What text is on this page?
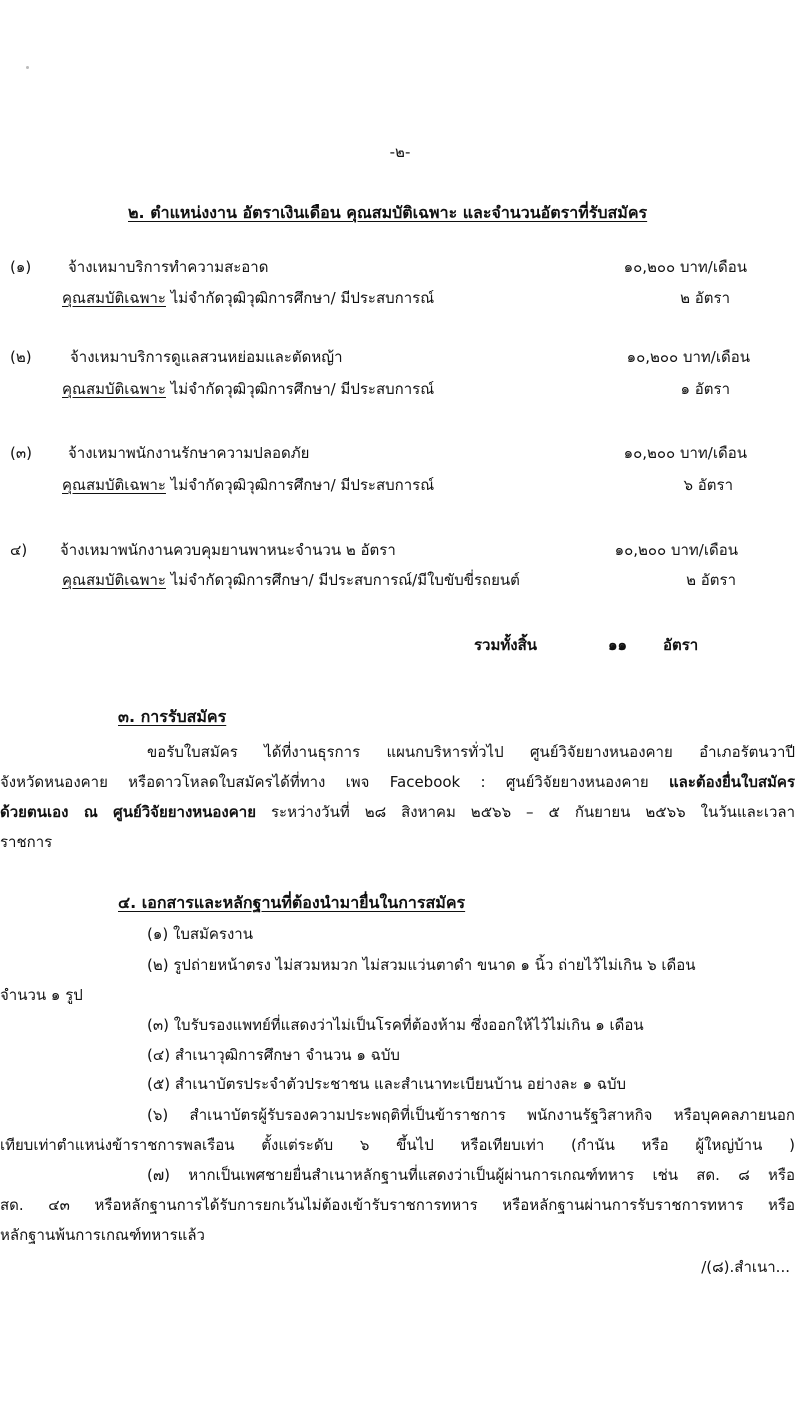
-๒-
๒. ตำแหน่งงาน อัตราเงินเดือน คุณสมบัติเฉพาะ และจำนวนอัตราที่รับสมัคร
(๑) จ้างเหมาบริการทำความสะอาด	๑๐,๒๐๐ บาท/เดือน
คุณสมบัติเฉพาะ ไม่จำกัดวุฒิวุฒิการศึกษา/ มีประสบการณ์	๒ อัตรา
(๒)	จ้างเหมาบริการดูแลสวนหย่อมและตัดหญ้า	๑๐,๒๐๐ บาท/เดือน
คุณสมบัติเฉพาะ ไม่จำกัดวุฒิวุฒิการศึกษา/ มีประสบการณ์	๑ อัตรา
(๓) จ้างเหมาพนักงานรักษาความปลอดภัย	๑๐,๒๐๐ บาท/เดือน
คุณสมบัติเฉพาะ ไม่จำกัดวุฒิวุฒิการศึกษา/ มีประสบการณ์	๖ อัตรา
๔) จ้างเหมาพนักงานควบคุมยานพาหนะจำนวน ๒ อัตรา	๑๐,๒๐๐ บาท/เดือน
คุณสมบัติเฉพาะ ไม่จำกัดวุฒิการศึกษา/ มีประสบการณ์/มีใบขับขี่รถยนต์	๒ อัตรา
รวมทั้งสิ้น	๑๑ อัตรา
๓. การรับสมัคร
ขอรับใบสมัคร ได้ที่งานธุรการ แผนกบริหารทั่วไป ศูนย์วิจัยยางหนองคาย อำเภอรัตนวาปี
จังหวัดหนองคาย หรือดาวโหลดใบสมัครได้ที่ทาง เพจ Facebook : ศูนย์วิจัยยางหนองคาย และต้องยื่นใบสมัคร
ด้วยตนเอง ณ ศูนย์วิจัยยางหนองคาย ระหว่างวันที่ ๒๘ สิงหาคม ๒๕๖๖ – ๕ กันยายน ๒๕๖๖ ในวันและเวลา
ราชการ
๔. เอกสารและหลักฐานที่ต้องนำมายื่นในการสมัคร
(๑) ใบสมัครงาน
(๒) รูปถ่ายหน้าตรง ไม่สวมหมวก ไม่สวมแว่นตาดำ ขนาด ๑ นิ้ว ถ่ายไว้ไม่เกิน ๖ เดือน
จำนวน ๑ รูป
(๓) ใบรับรองแพทย์ที่แสดงว่าไม่เป็นโรคที่ต้องห้าม ซึ่งออกให้ไว้ไม่เกิน ๑ เดือน
(๔) สำเนาวุฒิการศึกษา จำนวน ๑ ฉบับ
(๕) สำเนาบัตรประจำตัวประชาชน และสำเนาทะเบียนบ้าน อย่างละ ๑ ฉบับ
(๖) สำเนาบัตรผู้รับรองความประพฤติที่เป็นข้าราชการ พนักงานรัฐวิสาหกิจ หรือบุคคลภายนอก
เทียบเท่าตำแหน่งข้าราชการพลเรือน ตั้งแต่ระดับ ๖ ขึ้นไป หรือเทียบเท่า (กำนัน หรือ ผู้ใหญ่บ้าน )
(๗) หากเป็นเพศชายยื่นสำเนาหลักฐานที่แสดงว่าเป็นผู้ผ่านการเกณฑ์ทหาร เช่น สด. ๘ หรือ
สด. ๔๓ หรือหลักฐานการได้รับการยกเว้นไม่ต้องเข้ารับราชการทหาร หรือหลักฐานผ่านการรับราชการทหาร หรือ
หลักฐานพ้นการเกณฑ์ทหารแล้ว
/(๘).สำเนา...
